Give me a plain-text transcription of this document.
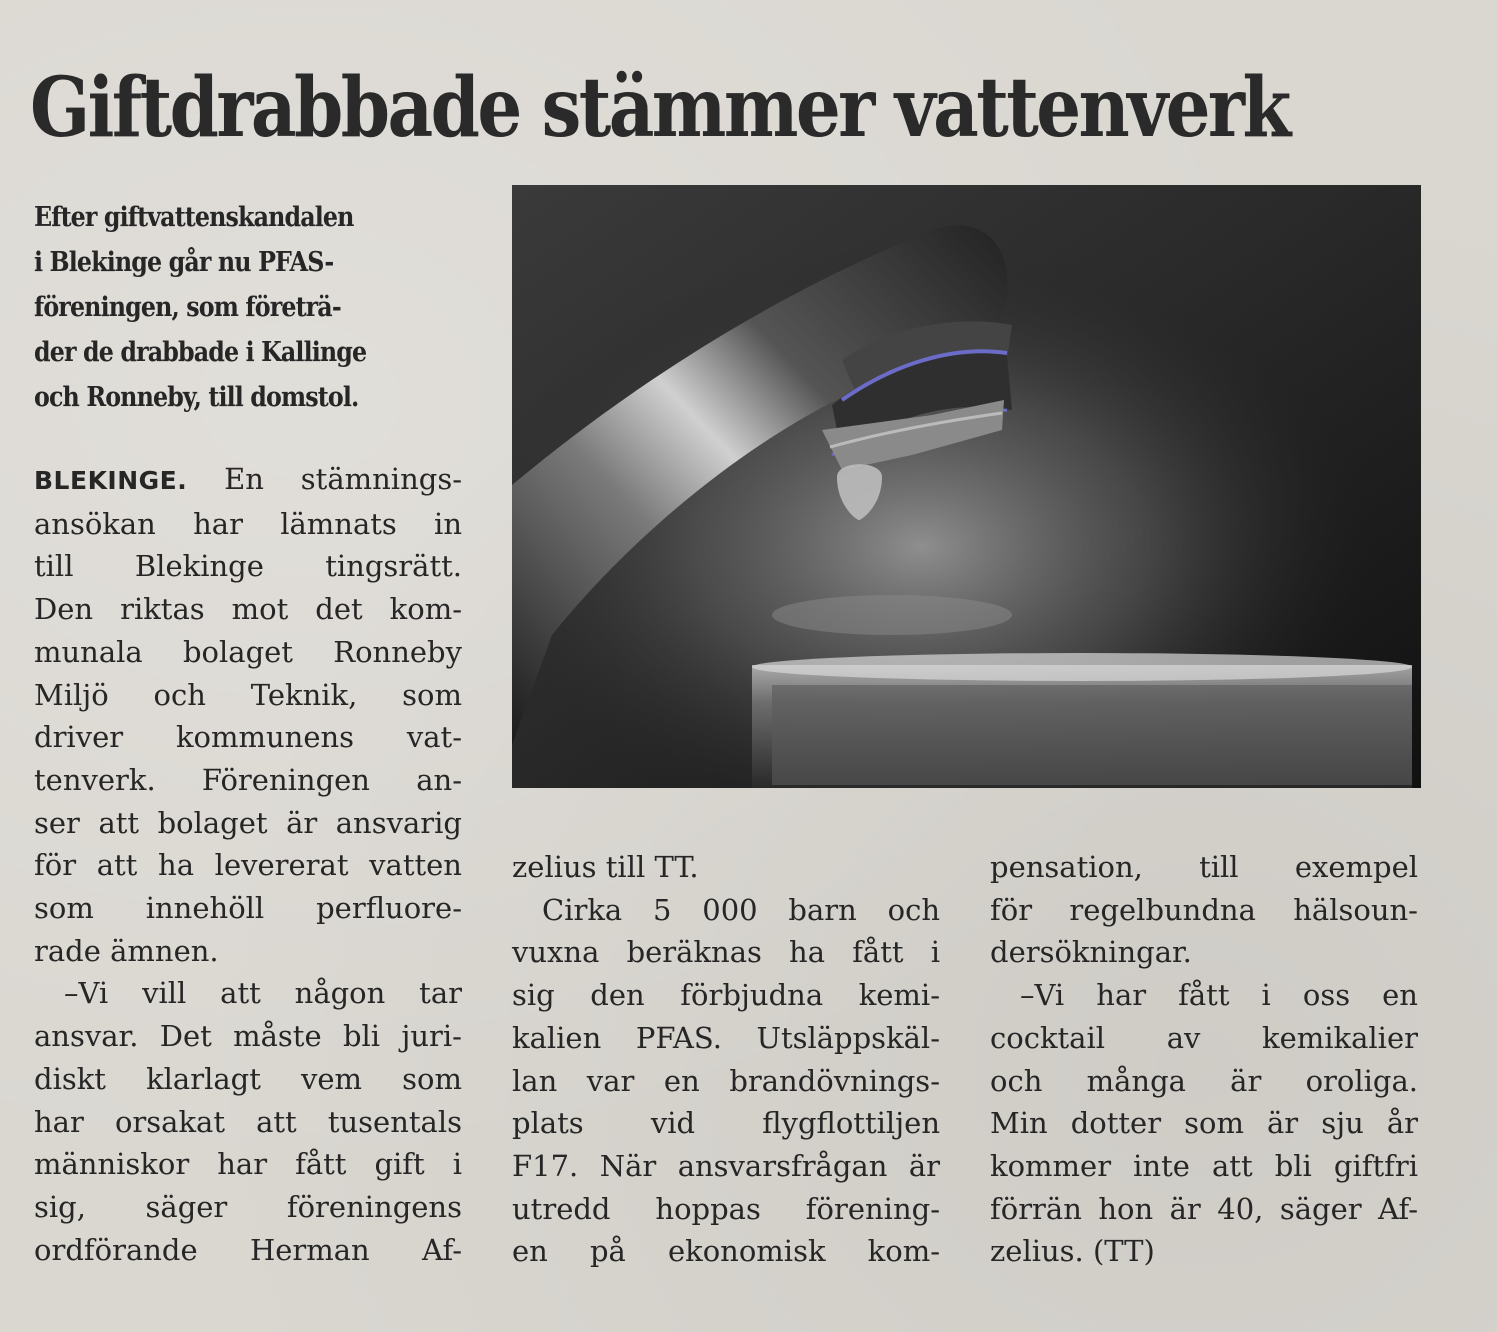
Giftdrabbade stämmer vattenverk
Efter giftvattenskandalen
i Blekinge går nu PFAS-
föreningen, som företrä-
der de drabbade i Kallinge
och Ronneby, till domstol.
BLEKINGE. En stämnings-
ansökan har lämnats in
till Blekinge tingsrätt.
Den riktas mot det kom-
munala bolaget Ronneby
Miljö och Teknik, som
driver kommunens vat-
tenverk. Föreningen an-
ser att bolaget är ansvarig
för att ha levererat vatten
som innehöll perfluore-
rade ämnen.
–Vi vill att någon tar
ansvar. Det måste bli juri-
diskt klarlagt vem som
har orsakat att tusentals
människor har fått gift i
sig, säger föreningens
ordförande Herman Af-
zelius till TT.
Cirka 5 000 barn och
vuxna beräknas ha fått i
sig den förbjudna kemi-
kalien PFAS. Utsläppskäl-
lan var en brandövnings-
plats vid flygflottiljen
F17. När ansvarsfrågan är
utredd hoppas förening-
en på ekonomisk kom-
pensation, till exempel
för regelbundna hälsoun-
dersökningar.
–Vi har fått i oss en
cocktail av kemikalier
och många är oroliga.
Min dotter som är sju år
kommer inte att bli giftfri
förrän hon är 40, säger Af-
zelius. (TT)
